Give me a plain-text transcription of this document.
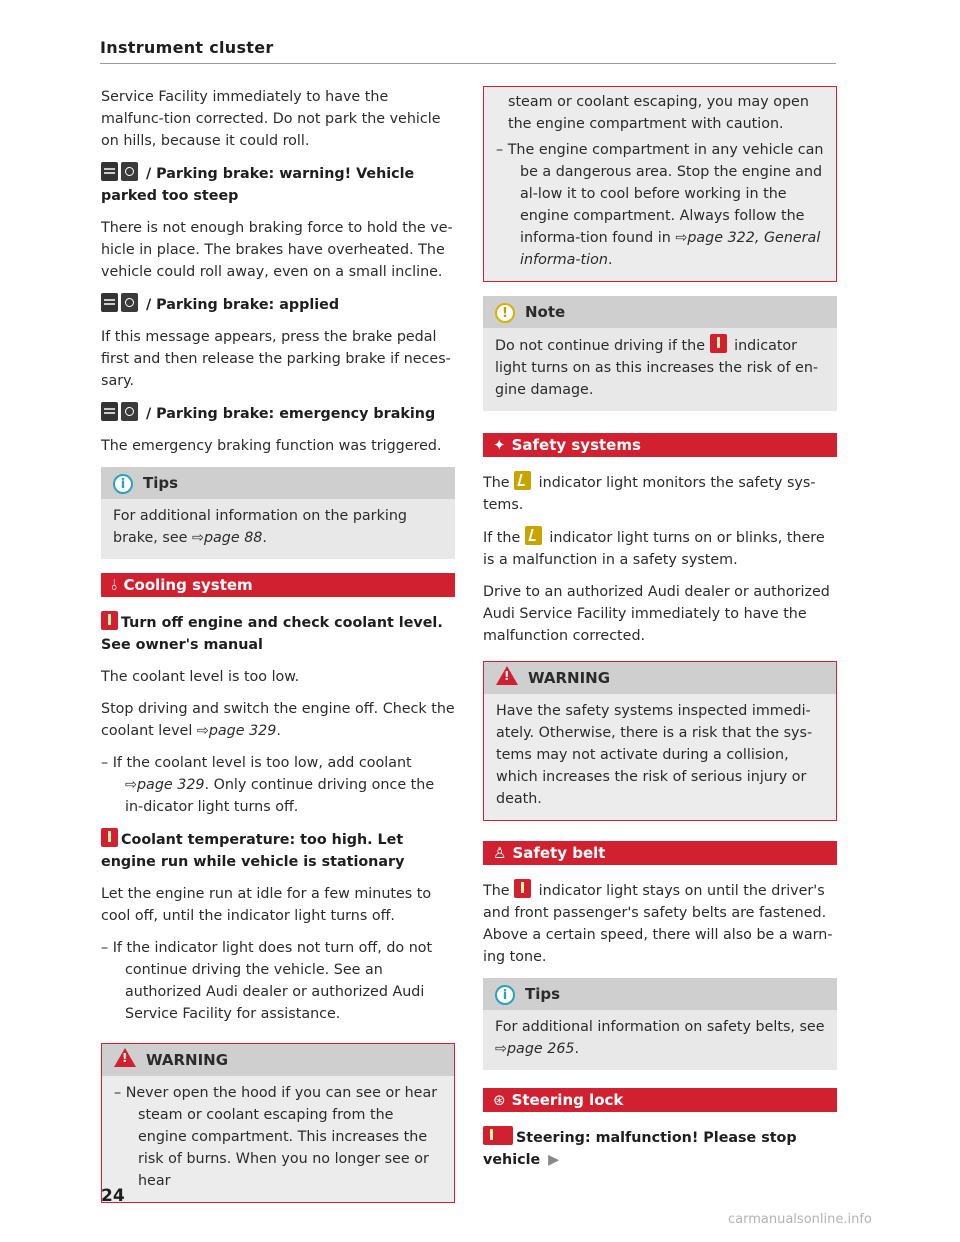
Instrument cluster

Service Facility immediately to have the malfunc-tion corrected. Do not park the vehicle on hills, because it could roll.

/ Parking brake: warning! Vehicle parked too steep

There is not enough braking force to hold the ve-hicle in place. The brakes have overheated. The vehicle could roll away, even on a small incline.

/ Parking brake: applied

If this message appears, press the brake pedal first and then release the parking brake if neces-sary.

/ Parking brake: emergency braking

The emergency braking function was triggered.

i Tips

For additional information on the parking brake, see ⇨page 88.

⫰ Cooling system
Turn off engine and check coolant level. See owner's manual

The coolant level is too low.

Stop driving and switch the engine off. Check the coolant level ⇨page 329.

– If the coolant level is too low, add coolant ⇨page 329. Only continue driving once the in-dicator light turns off.

Coolant temperature: too high. Let engine run while vehicle is stationary

Let the engine run at idle for a few minutes to cool off, until the indicator light turns off.

– If the indicator light does not turn off, do not continue driving the vehicle. See an authorized Audi dealer or authorized Audi Service Facility for assistance.

!WARNING

– Never open the hood if you can see or hear steam or coolant escaping from the engine compartment. This increases the risk of burns. When you no longer see or hear

steam or coolant escaping, you may open the engine compartment with caution.

– The engine compartment in any vehicle can be a dangerous area. Stop the engine and al-low it to cool before working in the engine compartment. Always follow the informa-tion found in ⇨page 322, General informa-tion.

! Note

Do not continue driving if the  indicator light turns on as this increases the risk of en-gine damage.

✦ Safety systems

The  indicator light monitors the safety sys-tems.

If the  indicator light turns on or blinks, there is a malfunction in a safety system.

Drive to an authorized Audi dealer or authorized Audi Service Facility immediately to have the malfunction corrected.

!WARNING

Have the safety systems inspected immedi-ately. Otherwise, there is a risk that the sys-tems may not activate during a collision, which increases the risk of serious injury or death.

♙ Safety belt

The  indicator light stays on until the driver's and front passenger's safety belts are fastened. Above a certain speed, there will also be a warn-ing tone.

i Tips

For additional information on safety belts, see ⇨page 265.

⊛ Steering lock
Steering: malfunction! Please stop vehicle ▶
24
carmanualsonline.info
